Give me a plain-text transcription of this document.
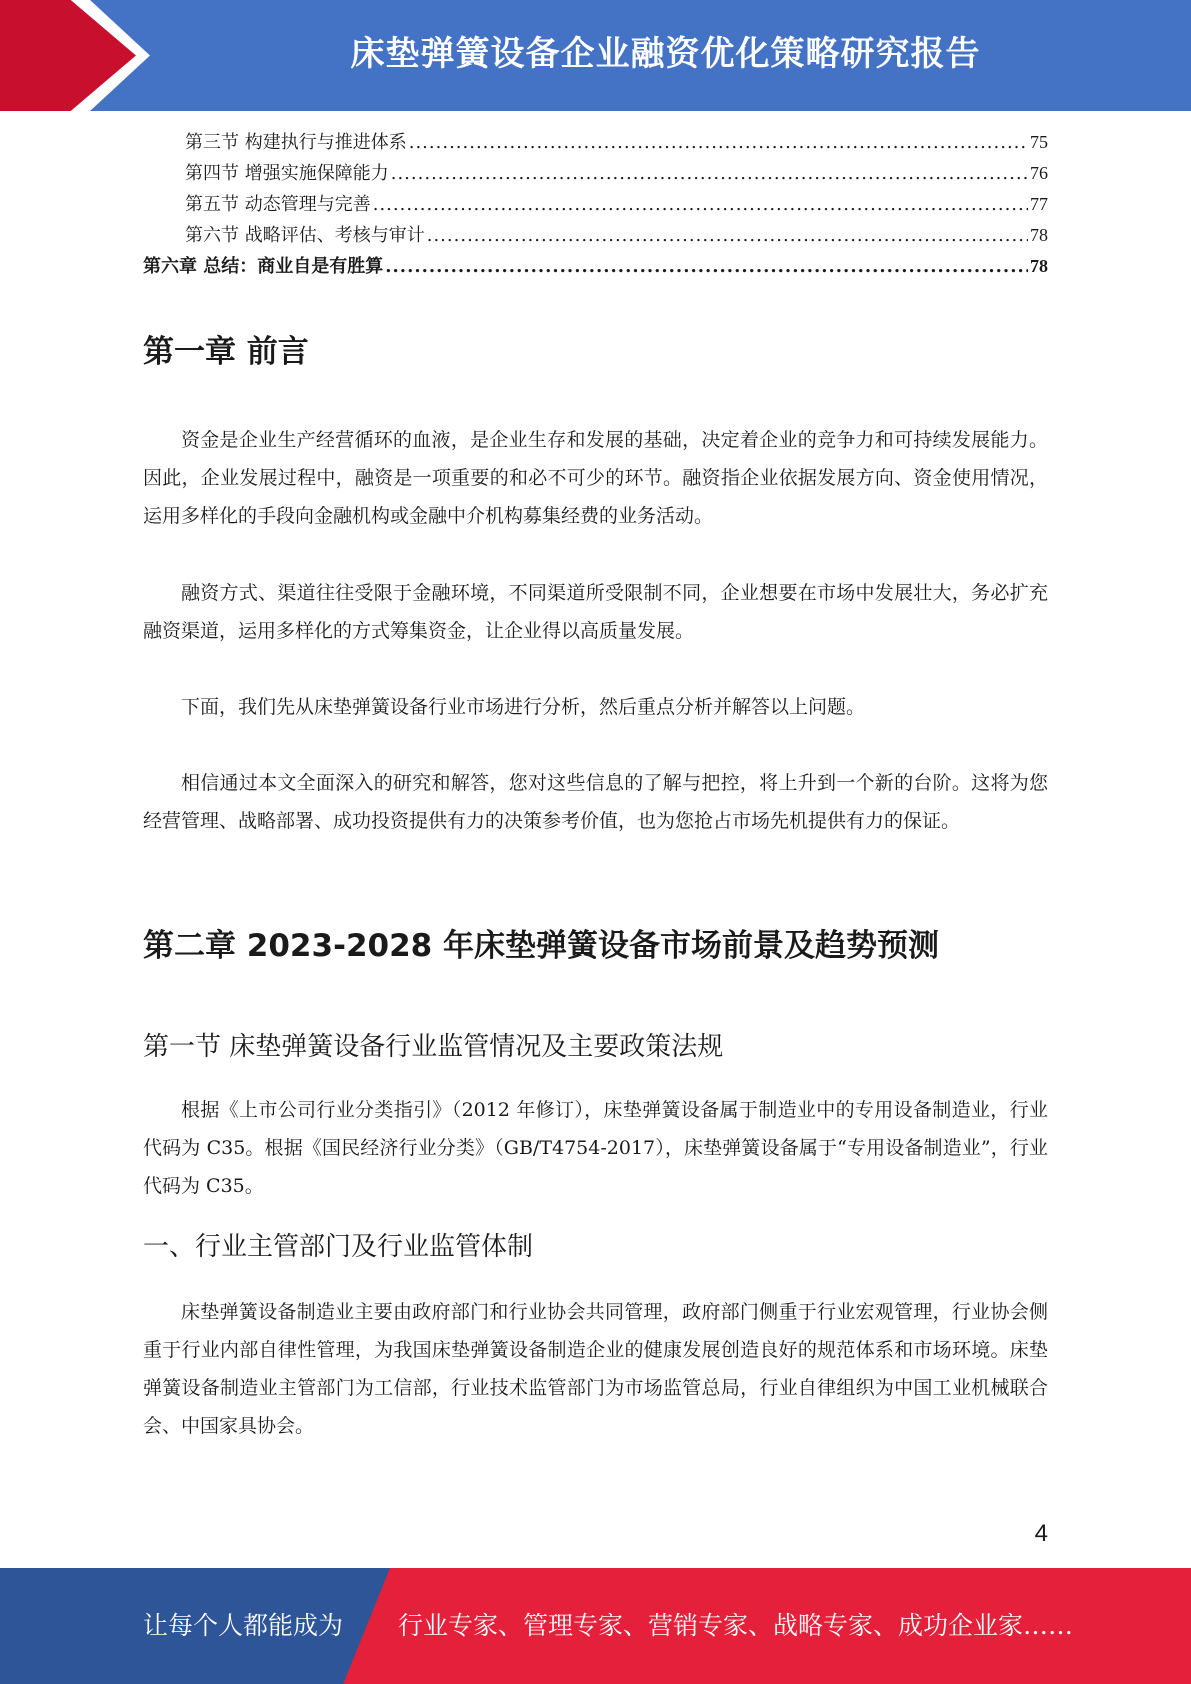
床垫弹簧设备企业融资优化策略研究报告
第三节 构建执行与推进体系 .....	75
第四节 增强实施保障能力 .....	76
第五节 动态管理与完善 .....	77
第六节 战略评估、考核与审计 .....	78
第六章 总结：商业自是有胜算 .....	78
第一章 前言

资金是企业生产经营循环的血液，是企业生存和发展的基础，决定着企业的竞争力和可持续发展能力。因此，企业发展过程中，融资是一项重要的和必不可少的环节。融资指企业依据发展方向、资金使用情况，运用多样化的手段向金融机构或金融中介机构募集经费的业务活动。

融资方式、渠道往往受限于金融环境，不同渠道所受限制不同，企业想要在市场中发展壮大，务必扩充融资渠道，运用多样化的方式筹集资金，让企业得以高质量发展。

下面，我们先从床垫弹簧设备行业市场进行分析，然后重点分析并解答以上问题。

相信通过本文全面深入的研究和解答，您对这些信息的了解与把控，将上升到一个新的台阶。这将为您经营管理、战略部署、成功投资提供有力的决策参考价值，也为您抢占市场先机提供有力的保证。

第二章 2023-2028 年床垫弹簧设备市场前景及趋势预测
第一节 床垫弹簧设备行业监管情况及主要政策法规

根据《上市公司行业分类指引》（2012 年修订），床垫弹簧设备属于制造业中的专用设备制造业，行业代码为 C35。根据《国民经济行业分类》（GB/T4754-2017），床垫弹簧设备属于“专用设备制造业”，行业代码为 C35。

一、行业主管部门及行业监管体制

床垫弹簧设备制造业主要由政府部门和行业协会共同管理，政府部门侧重于行业宏观管理，行业协会侧重于行业内部自律性管理，为我国床垫弹簧设备制造企业的健康发展创造良好的规范体系和市场环境。床垫弹簧设备制造业主管部门为工信部，行业技术监管部门为市场监管总局，行业自律组织为中国工业机械联合会、中国家具协会。

4
让每个人都能成为 行业专家、管理专家、营销专家、战略专家、成功企业家……
